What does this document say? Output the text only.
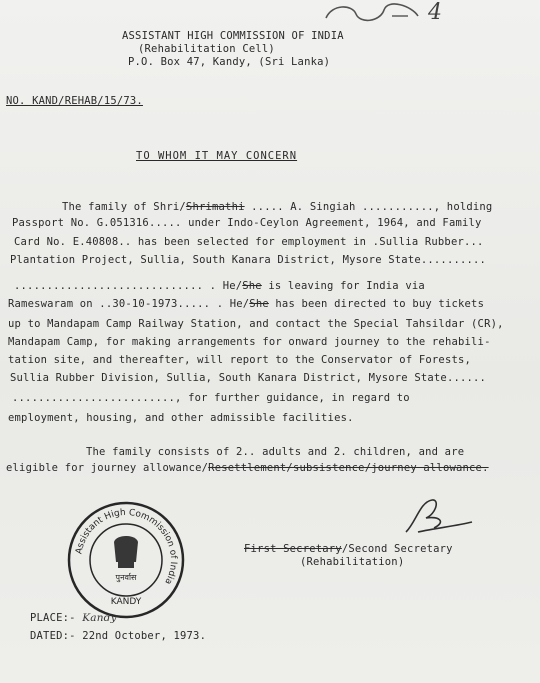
4
ASSISTANT HIGH COMMISSION OF INDIA
(Rehabilitation Cell)
P.O. Box 47, Kandy, (Sri Lanka)
NO. KAND/REHAB/15/73.
TO WHOM IT MAY CONCERN
The family of Shri/Shrimathi ..... A. Singiah ..........., holding
Passport No. G.051316..... under Indo-Ceylon Agreement, 1964, and Family
Card No. E.40808.. has been selected for employment in .Sullia Rubber...
Plantation Project, Sullia, South Kanara District, Mysore State..........
............................. . He/She is leaving for India via
Rameswaram on ..30-10-1973..... . He/She has been directed to buy tickets
up to Mandapam Camp Railway Station, and contact the Special Tahsildar (CR),
Mandapam Camp, for making arrangements for onward journey to the rehabili-
tation site, and thereafter, will report to the Conservator of Forests,
Sullia Rubber Division, Sullia, South Kanara District, Mysore State......
........................., for further guidance, in regard to
employment, housing, and other admissible facilities.
The family consists of 2.. adults and 2. children, and are
eligible for journey allowance/Resettlement/subsistence/journey allowance.
First Secretary/Second Secretary
(Rehabilitation)
Assistant High Commission of India
पुनर्वास
KANDY
PLACE:- Kandy
DATED:- 22nd October, 1973.
